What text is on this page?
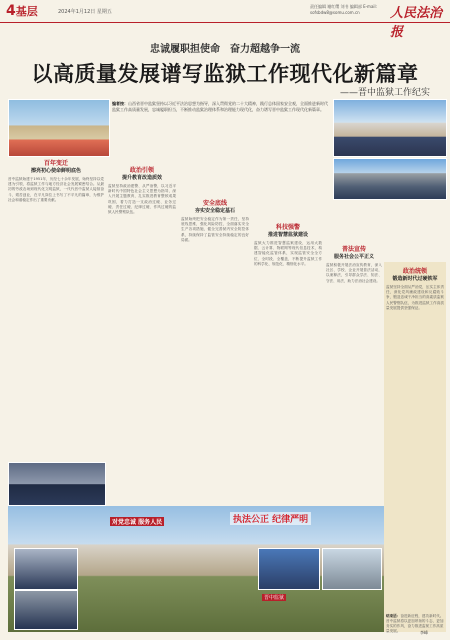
4基层	2024年1月12日 星期五
责任编辑 谢红缨 刘书 编辑部 E-mail: sofsbdw8@somu.com.cn	人民法治报
忠诚履职担使命　奋力超越争一流
以高质量发展谱写监狱工作现代化新篇章
——晋中监狱工作纪实
编者按：山西省晋中监狱坚持以习近平法治思想为指导，深入贯彻党的二十大精神，践行总体国家安全观，全面推进新时代监狱工作高质量发展，忠诚履职担当，不断推动监狱治理体系和治理能力现代化，奋力谱写晋中监狱工作现代化新篇章。
百年变迁
擦亮初心使命鲜明底色
晋中监狱始建于1951年，历经七十余年发展，始终坚持以党建为引领，将监狱工作与地方经济社会发展紧密结合。从最初的劳改农场到现代化文明监狱，一代代晋中监狱人接续奋斗，艰苦创业，在平凡岗位上书写了不平凡的篇章，为维护社会和谐稳定作出了重要贡献。
政治引领
提升教育改造质效
监狱坚持政治建警、从严治警，以习近平新时代中国特色社会主义思想为指导，深入开展主题教育，扎实推进教育整顿成果巩固，着力打造一支政治过硬、业务过硬、责任过硬、纪律过硬、作风过硬的监狱人民警察队伍。
安全底线
夯实安全稳定基石
监狱始终把安全稳定作为第一责任，坚持底线思维，强化风险防控，全面落实安全生产各项措施，健全完善狱内安全防控体系，持续保持了监管安全持续稳定的良好局面。
科技强警
推进智慧监狱建设
监狱大力推进智慧监狱建设，运用大数据、云计算、物联网等现代信息技术，构建智能化监管体系，实现监管安全全方位、全时段、全覆盖，不断提升监狱工作的科学化、规范化、精细化水平。
普法宣传
服务社会公平正义
监狱积极开展法治宣传教育，深入社区、学校、企业开展普法活动，以案释法，引导群众学法、知法、守法、用法，助力法治社会建设。
政治统领
锻造新时代过硬铁军
监狱坚持全面从严治党，压实主体责任，深化党风廉政建设和反腐败斗争，锻造忠诚干净担当的高素质监狱人民警察队伍，为推进监狱工作高质量发展提供坚强保证。
对党忠诚 服务人民	执法公正 纪律严明
晋中监狱
结束语：奋进新征程，建功新时代。晋中监狱将以更加昂扬的斗志，更加务实的作风，奋力推进监狱工作高质量发展。	李峰
